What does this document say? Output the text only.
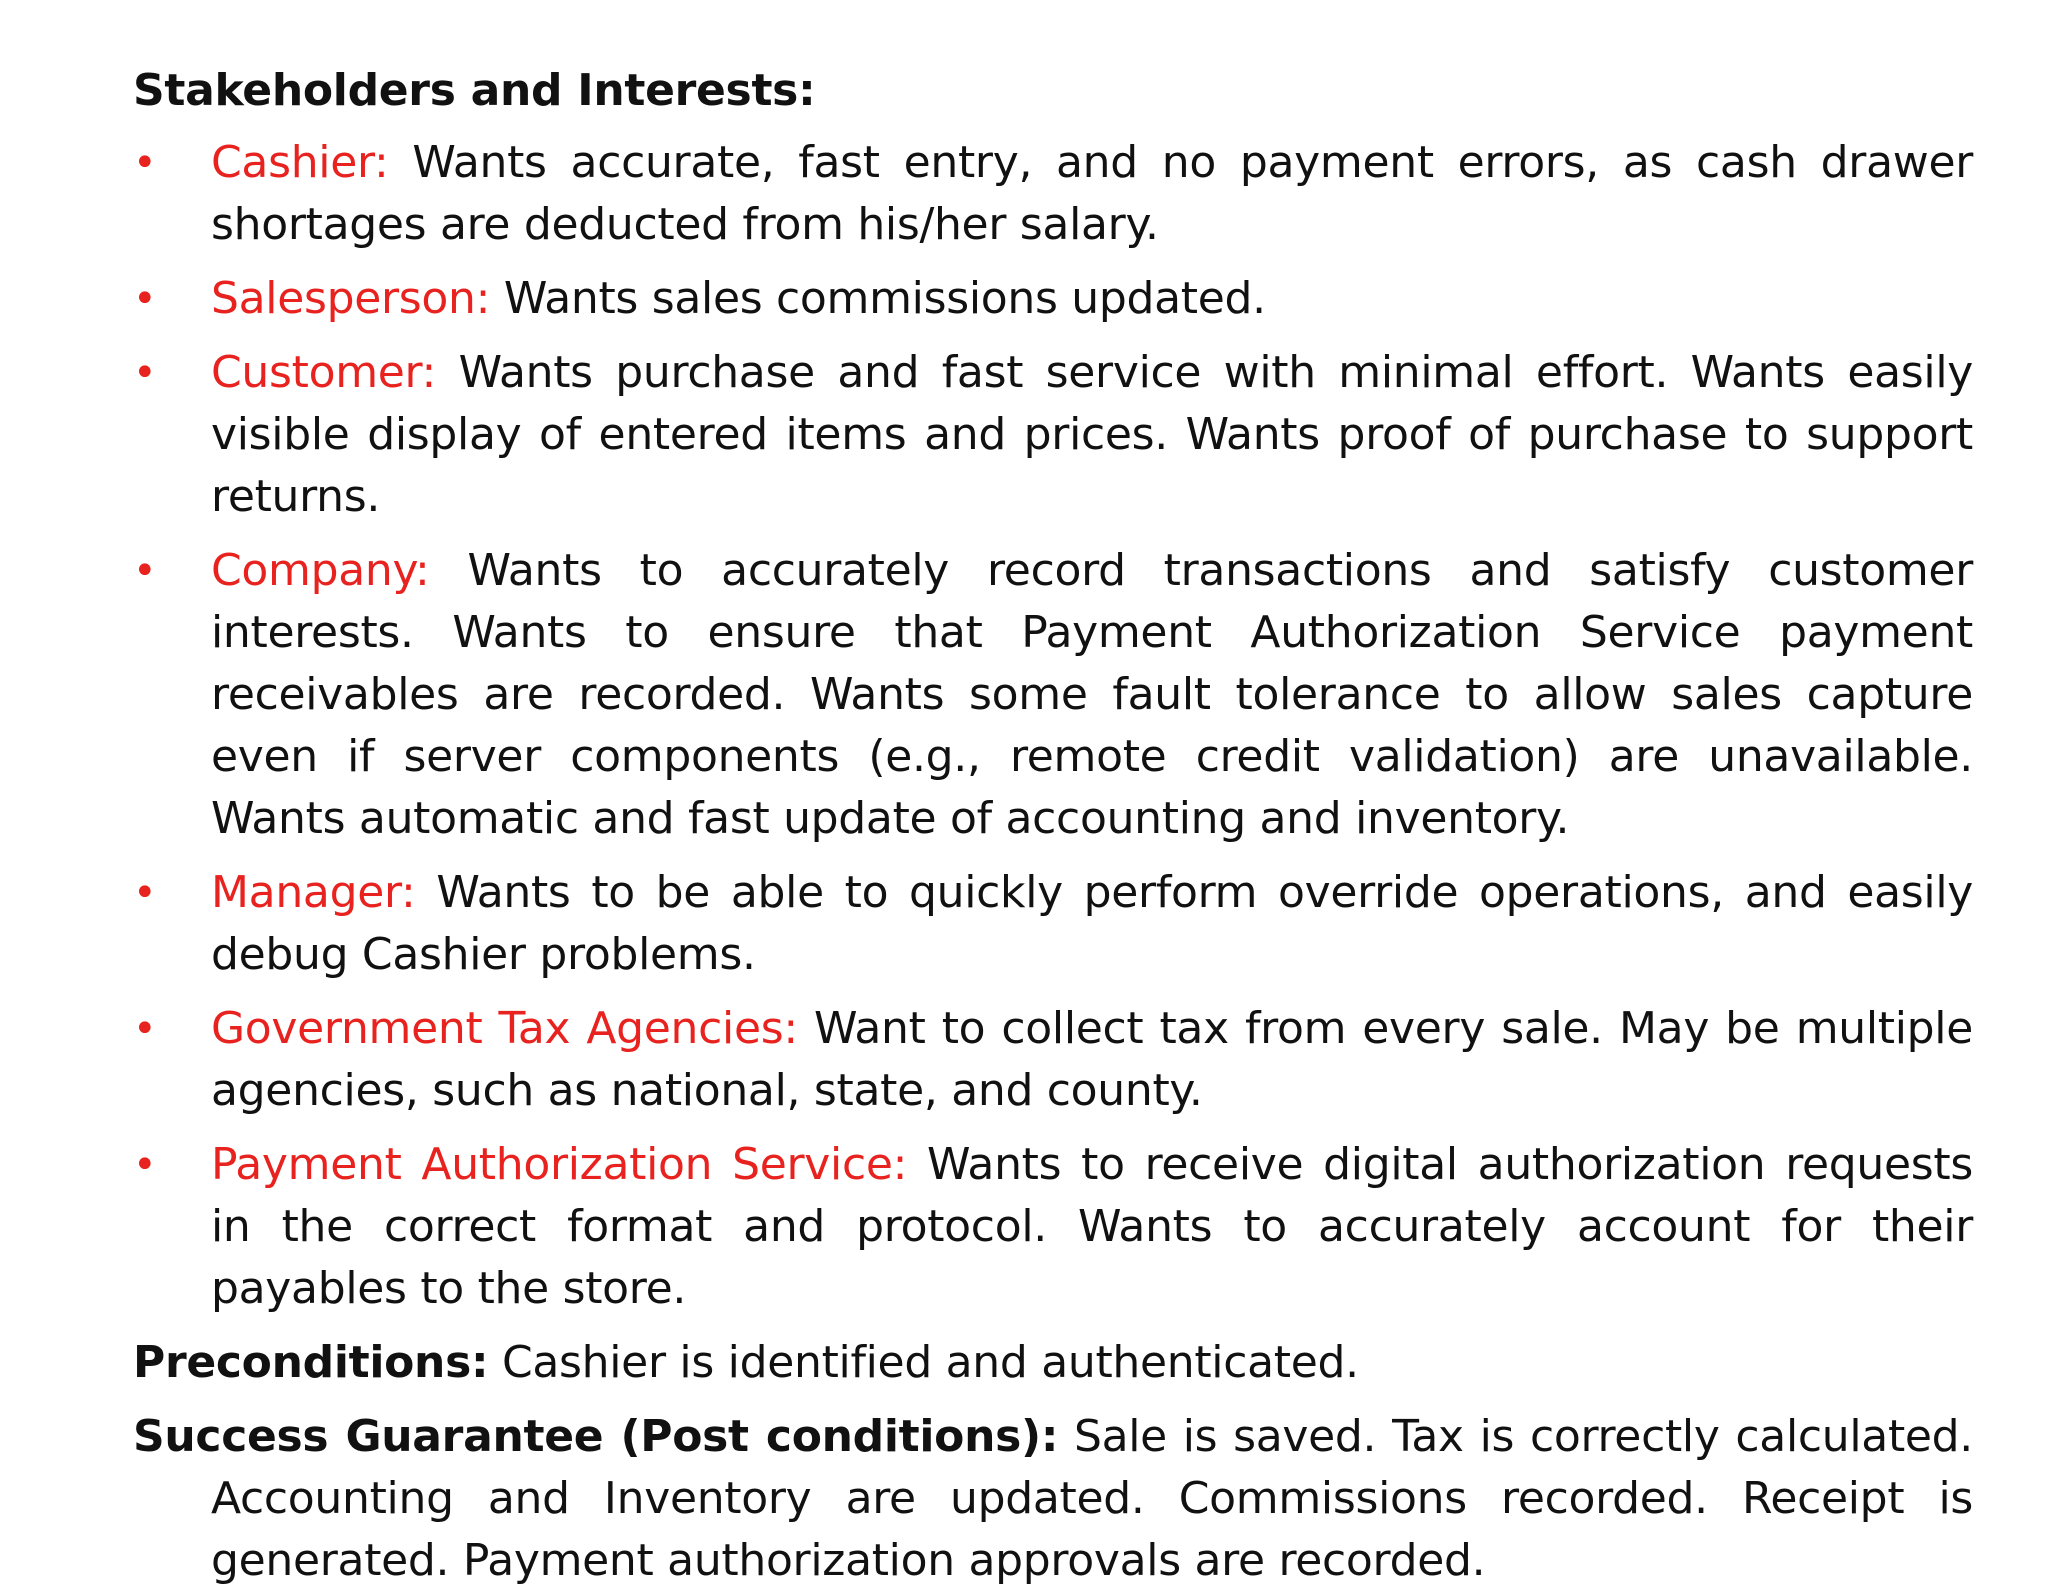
Stakeholders and Interests:
• Cashier: Wants accurate, fast entry, and no payment errors, as cash drawer shortages are deducted from his/her salary.
• Salesperson: Wants sales commissions updated.
• Customer: Wants purchase and fast service with minimal effort. Wants easily visible display of entered items and prices. Wants proof of purchase to support returns.
• Company: Wants to accurately record transactions and satisfy customer interests. Wants to ensure that Payment Authorization Service payment receivables are recorded. Wants some fault tolerance to allow sales capture even if server components (e.g., remote credit validation) are unavailable. Wants automatic and fast update of accounting and inventory.
• Manager: Wants to be able to quickly perform override operations, and easily debug Cashier problems.
• Government Tax Agencies: Want to collect tax from every sale. May be multiple agencies, such as national, state, and county.
• Payment Authorization Service: Wants to receive digital authorization requests in the correct format and protocol. Wants to accurately account for their payables to the store.
Preconditions: Cashier is identified and authenticated.
Success Guarantee (Post conditions): Sale is saved. Tax is correctly calculated. Accounting and Inventory are updated. Commissions recorded. Receipt is generated. Payment authorization approvals are recorded.
